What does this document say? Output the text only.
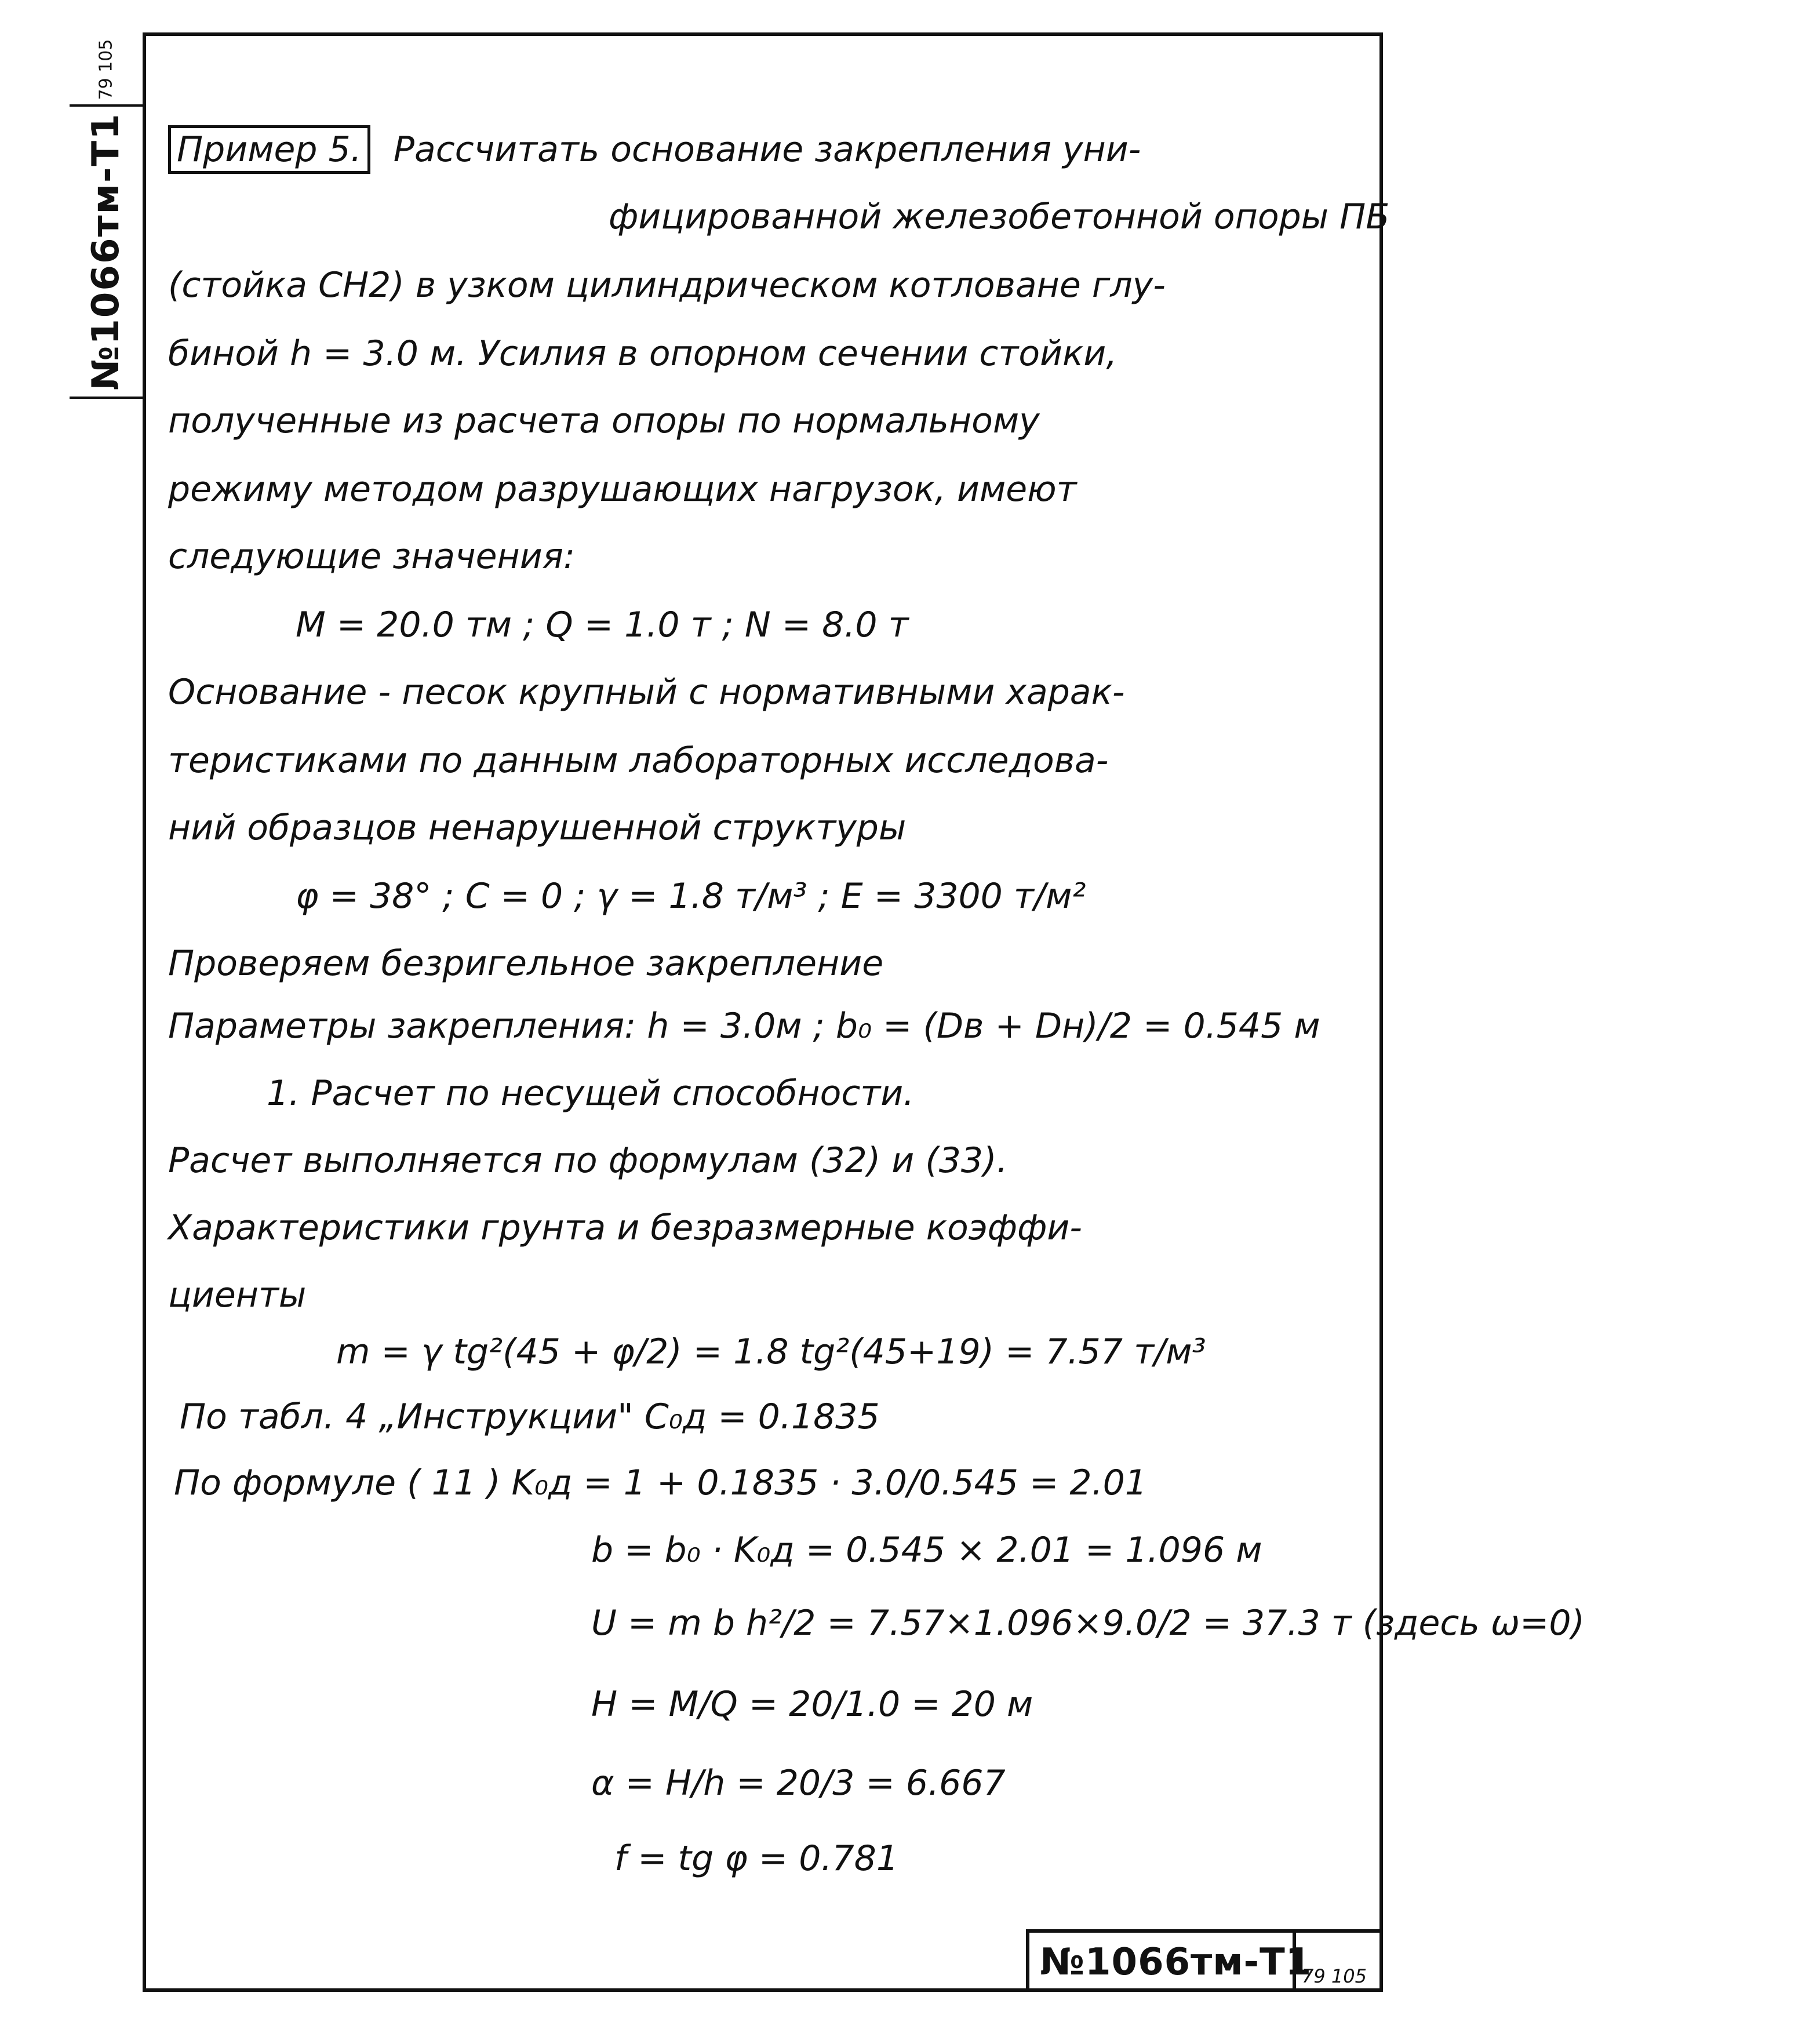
79 105
№1066тм-Т1 Пример 5. Рассчитать основание закрепления уни-
фицированной железобетонной опоры ПБ
(стойка СН2) в узком цилиндрическом котловане глу-
биной h = 3.0 м. Усилия в опорном сечении стойки,
полученные из расчета опоры по нормальному
режиму методом разрушающих нагрузок, имеют
следующие значения:
M = 20.0 тм ; Q = 1.0 т ; N = 8.0 т
Основание - песок крупный с нормативными харак-
теристиками по данным лабораторных исследова-
ний образцов ненарушенной структуры
φ = 38° ; C = 0 ; γ = 1.8 т/м³ ; E = 3300 т/м²
Проверяем безригельное закрепление
Параметры закрепления: h = 3.0м ; b₀ = (Dв + Dн)/2 = 0.545 м
1. Расчет по несущей способности.
Расчет выполняется по формулам (32) и (33).
Характеристики грунта и безразмерные коэффи-
циенты
m = γ tg²(45 + φ/2) = 1.8 tg²(45+19) = 7.57 т/м³
По табл. 4 „Инструкции" C₀д = 0.1835
По формуле ( 11 ) K₀д = 1 + 0.1835 · 3.0/0.545 = 2.01
b = b₀ · K₀д = 0.545 × 2.01 = 1.096 м
U = m b h²/2 = 7.57×1.096×9.0/2 = 37.3 т (здесь ω=0)
H = M/Q = 20/1.0 = 20 м
α = H/h = 20/3 = 6.667
f = tg φ = 0.781
№1066тм-Т1
79 105
